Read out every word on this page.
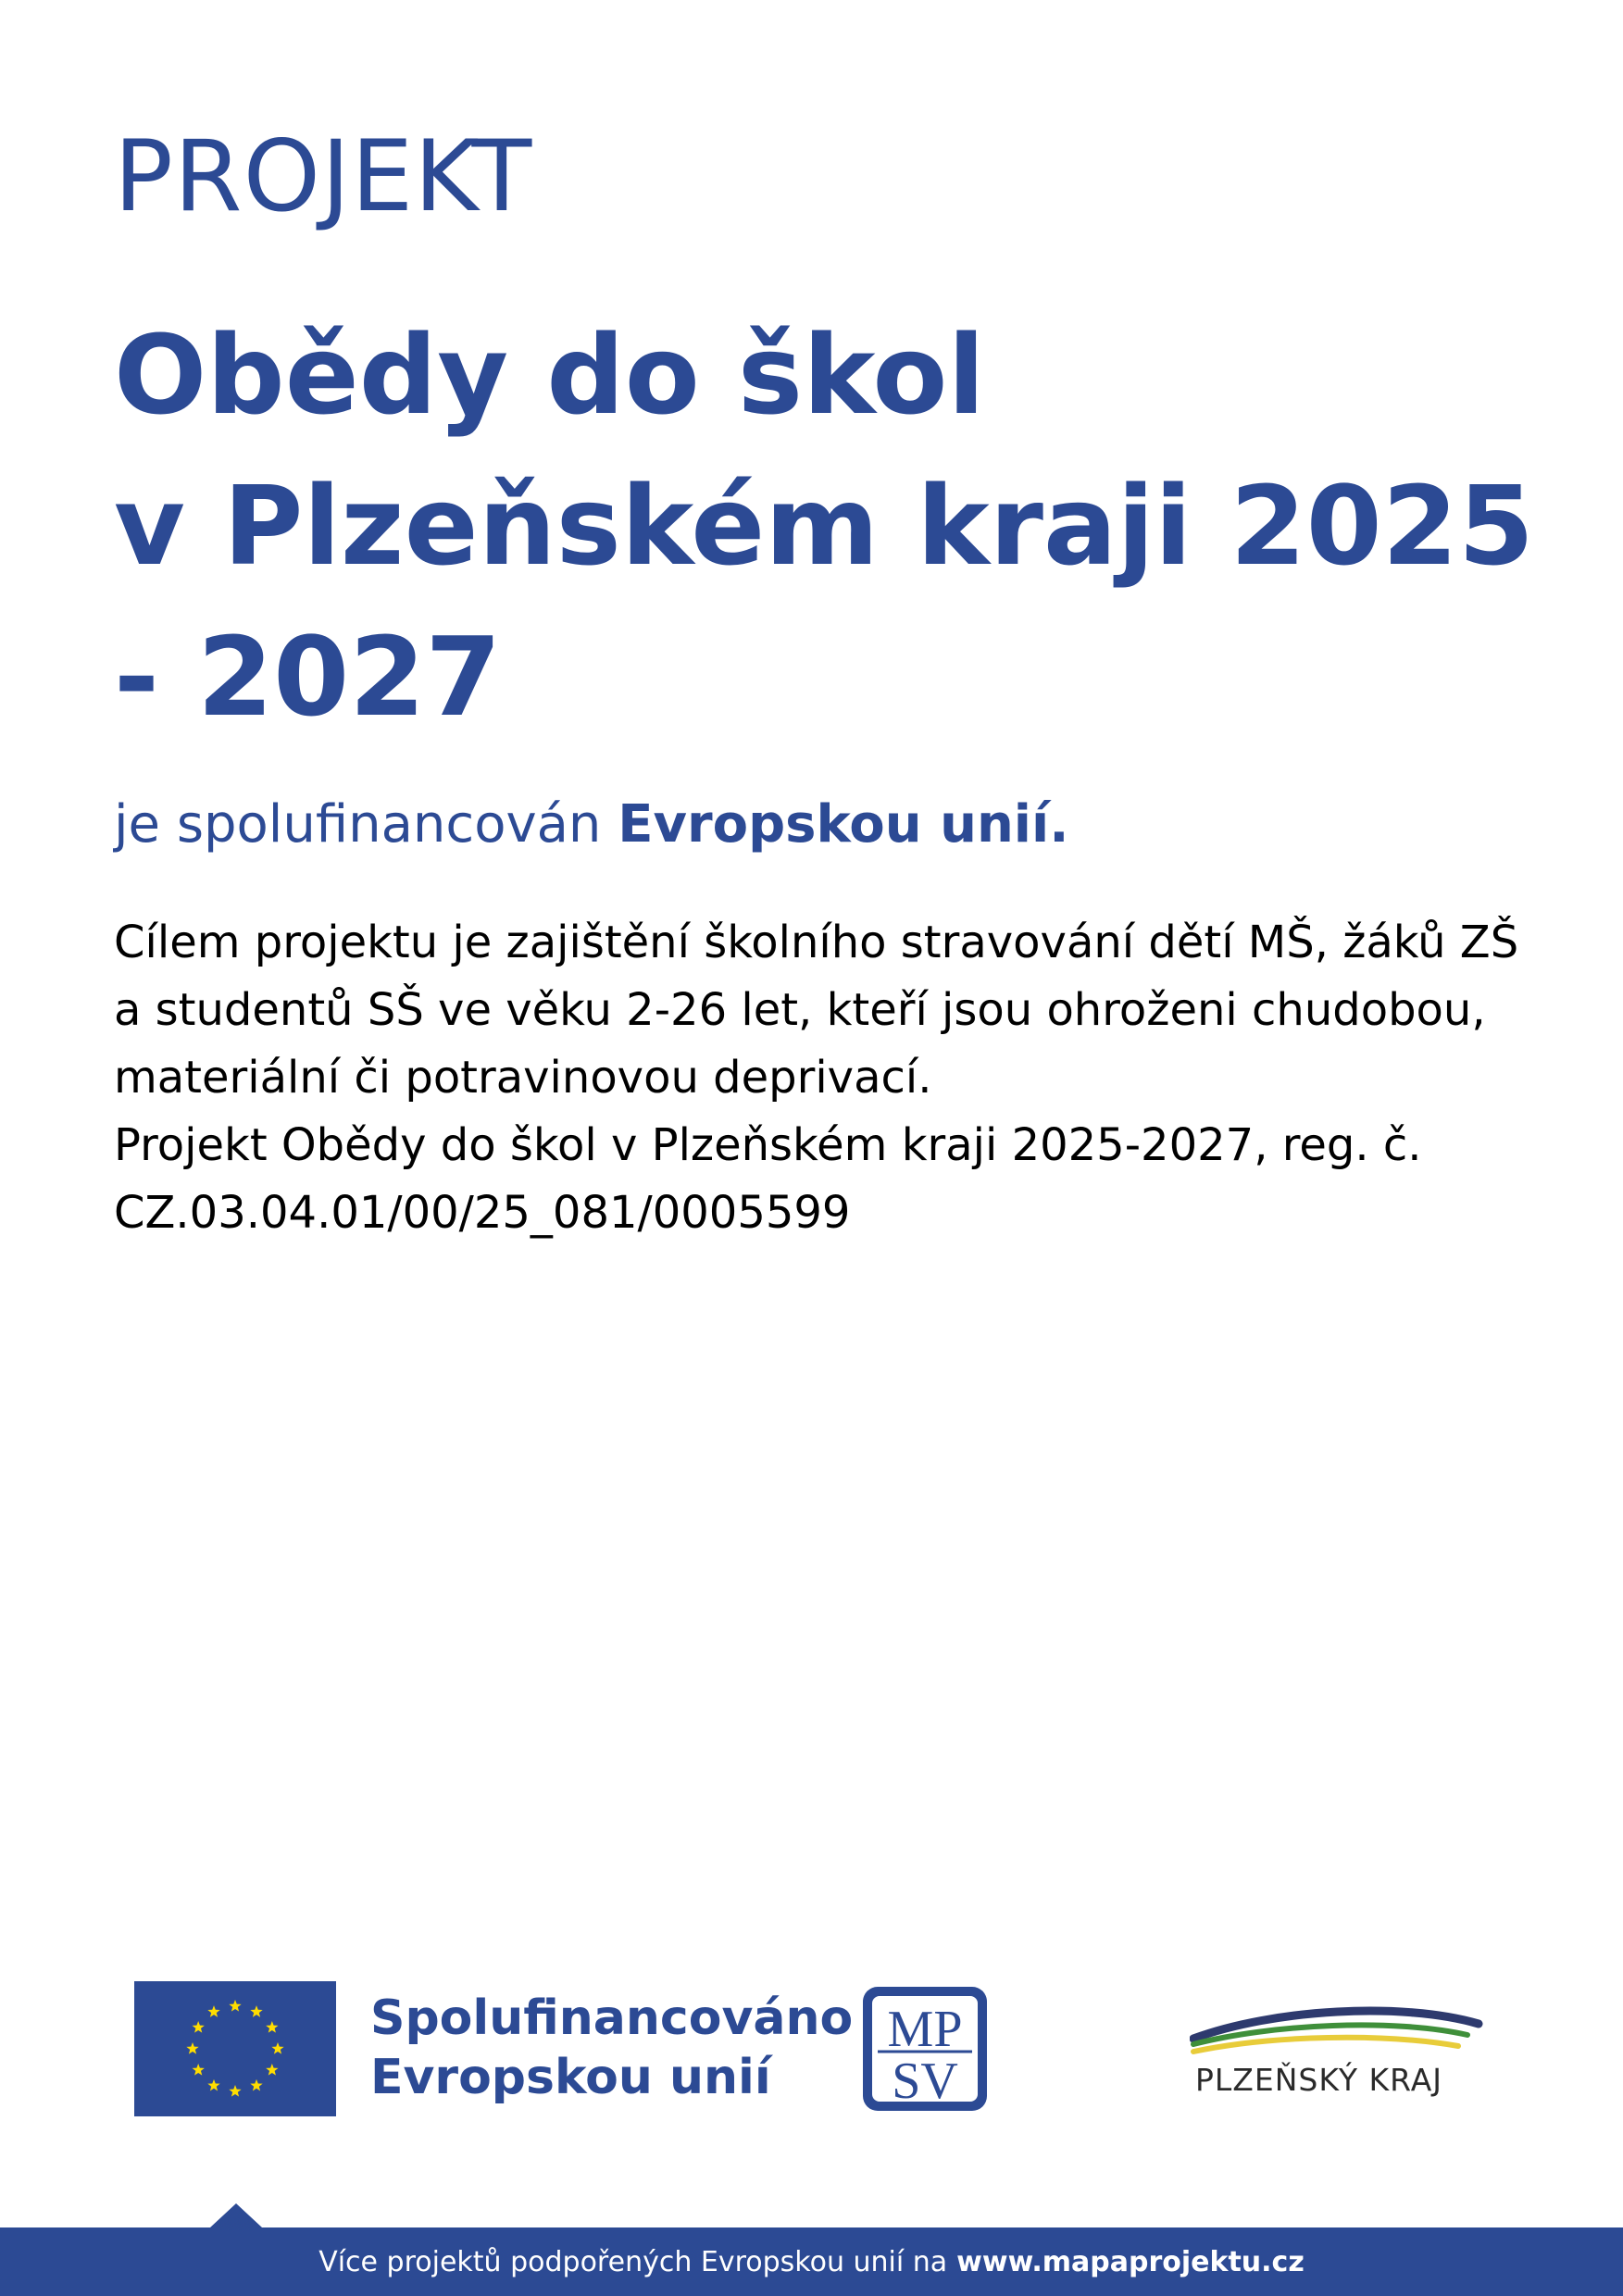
PROJEKT
Obědy do škol
v Plzeňském kraji 2025
- 2027
je spolufinancován Evropskou unií.
Cílem projektu je zajištění školního stravování dětí MŠ, žáků ZŠ
a studentů SŠ ve věku 2-26 let, kteří jsou ohroženi chudobou,
materiální či potravinovou deprivací.
Projekt Obědy do škol v Plzeňském kraji 2025-2027, reg. č.
CZ.03.04.01/00/25_081/0005599
Spolufinancováno
Evropskou unií
MP
SV	PLZEŇSKÝ KRAJ
Více projektů podpořených Evropskou unií na www.mapaprojektu.cz
